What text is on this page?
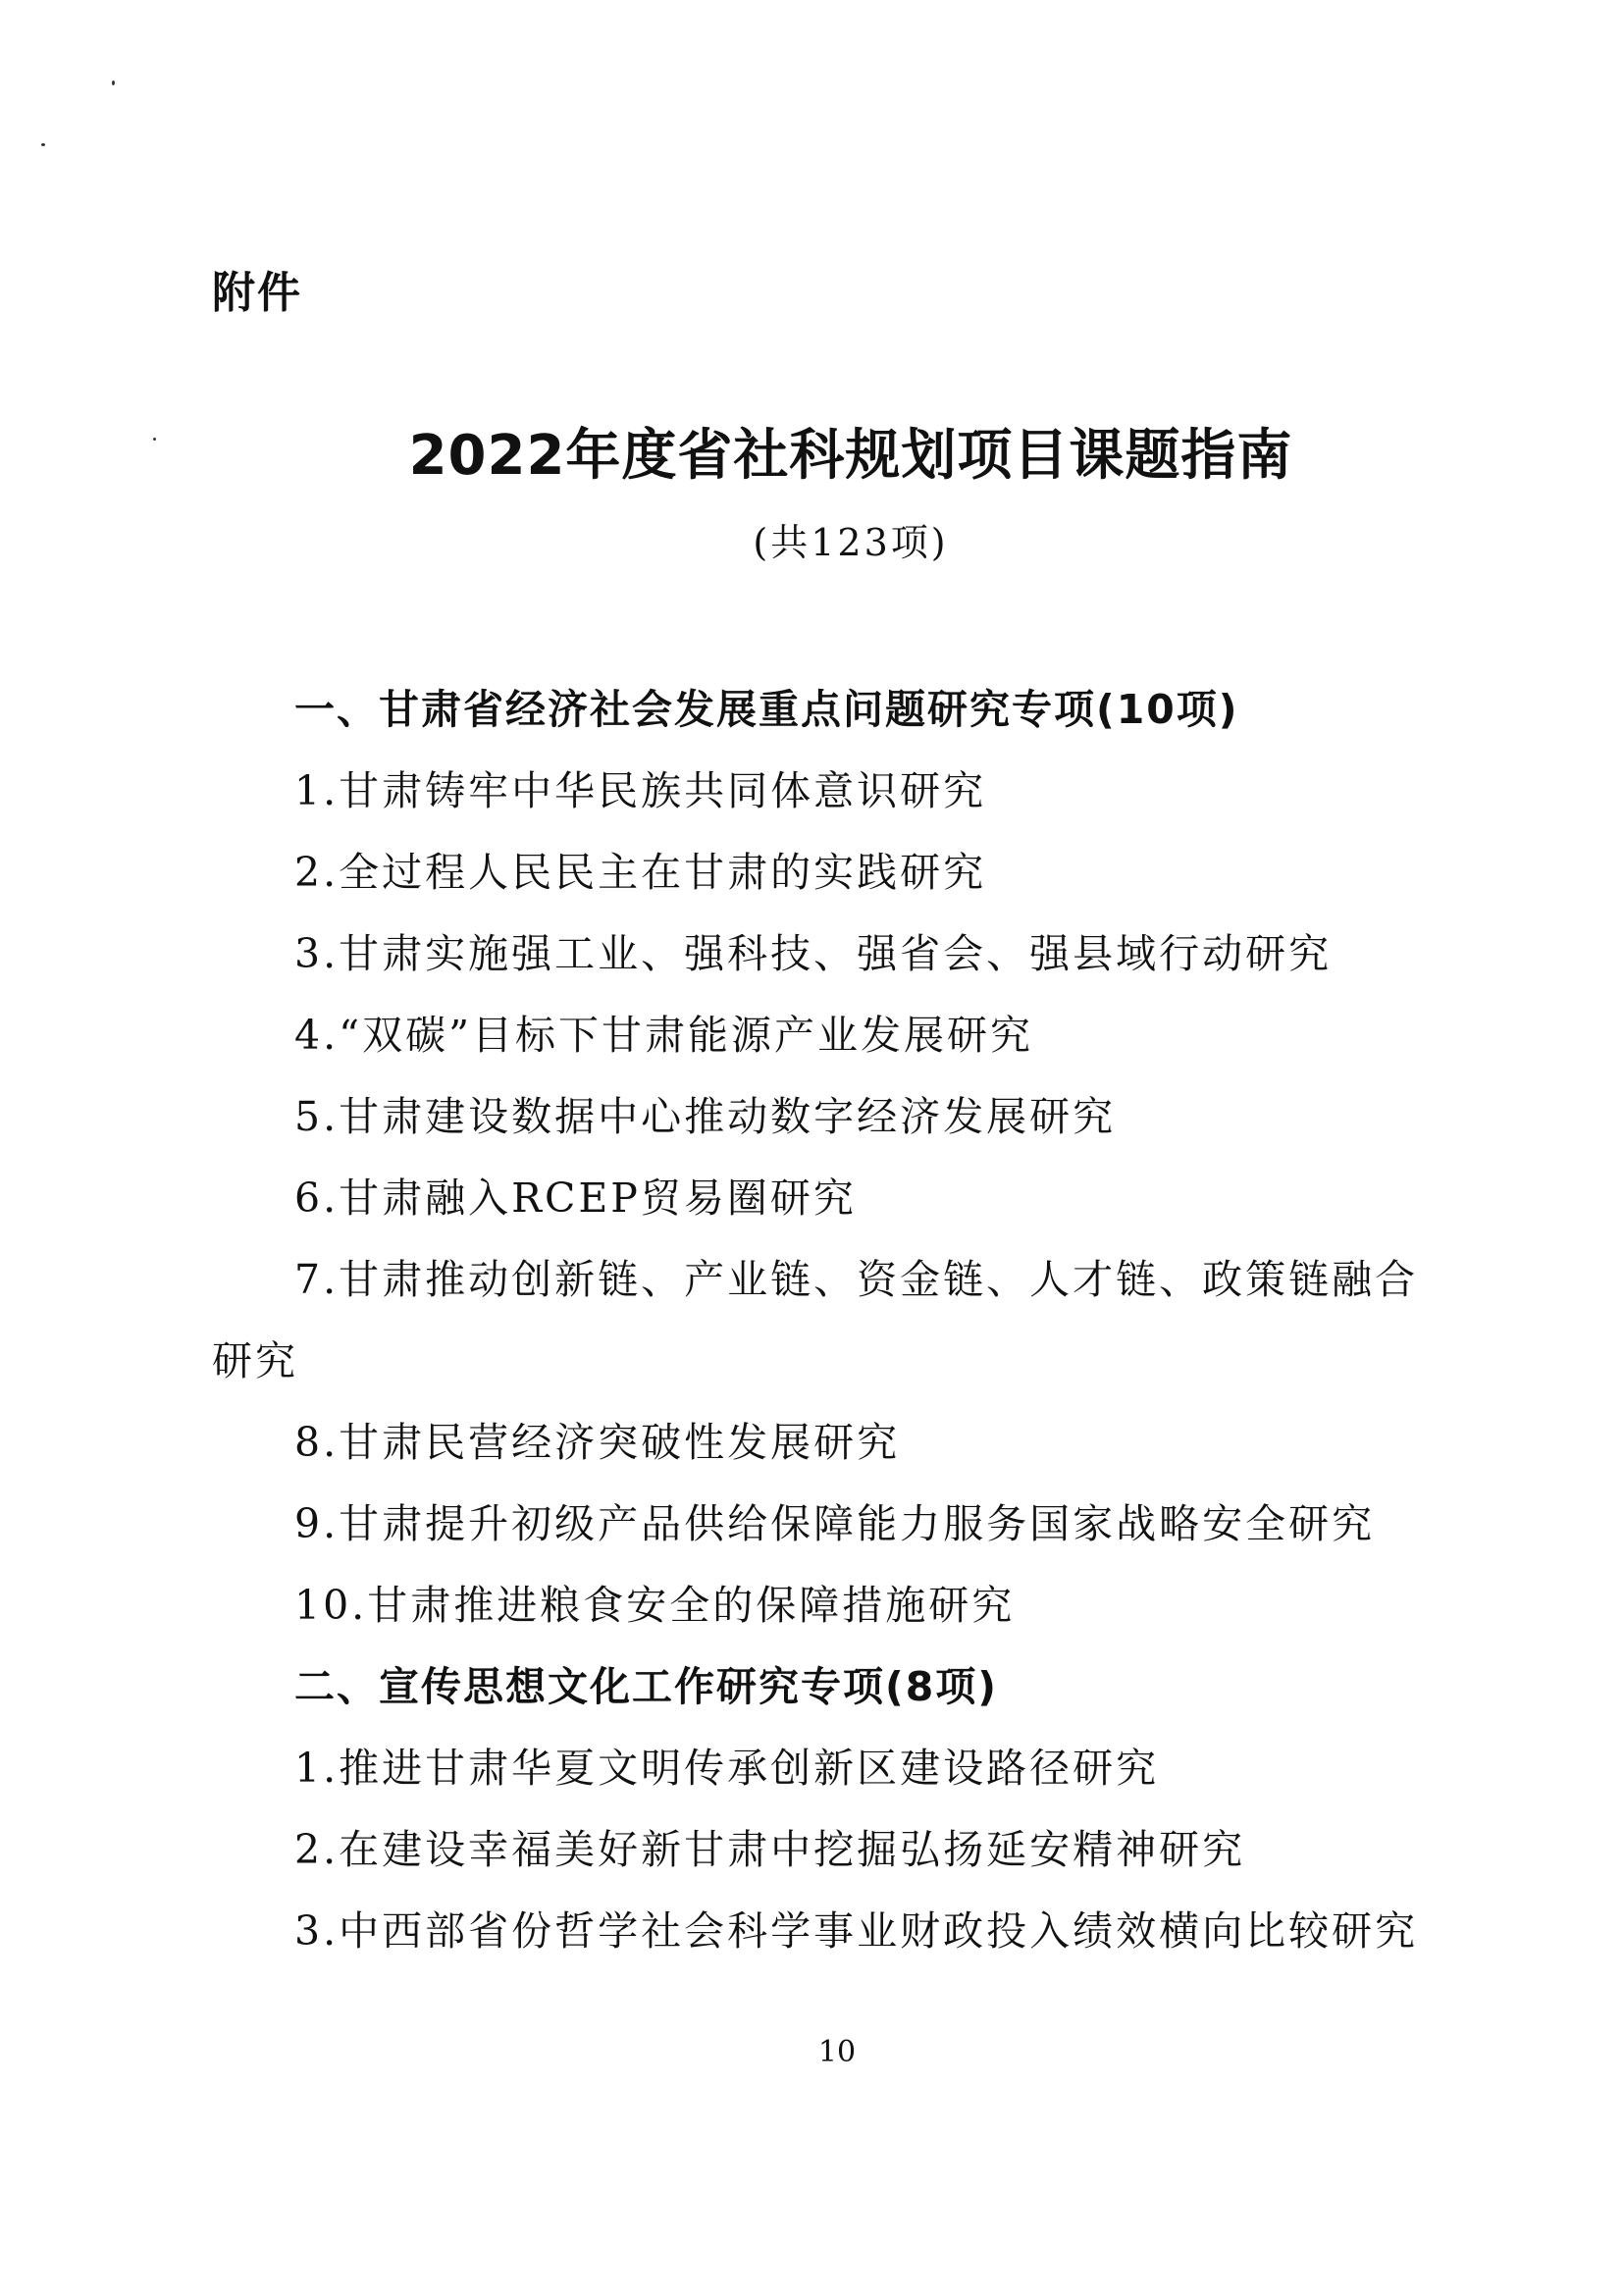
附件
2022年度省社科规划项目课题指南
(共123项)
一、甘肃省经济社会发展重点问题研究专项(10项)
1.甘肃铸牢中华民族共同体意识研究
2.全过程人民民主在甘肃的实践研究
3.甘肃实施强工业、强科技、强省会、强县域行动研究
4.“双碳”目标下甘肃能源产业发展研究
5.甘肃建设数据中心推动数字经济发展研究
6.甘肃融入RCEP贸易圈研究
7.甘肃推动创新链、产业链、资金链、人才链、政策链融合
研究
8.甘肃民营经济突破性发展研究
9.甘肃提升初级产品供给保障能力服务国家战略安全研究
10.甘肃推进粮食安全的保障措施研究
二、宣传思想文化工作研究专项(8项)
1.推进甘肃华夏文明传承创新区建设路径研究
2.在建设幸福美好新甘肃中挖掘弘扬延安精神研究
3.中西部省份哲学社会科学事业财政投入绩效横向比较研究
10
